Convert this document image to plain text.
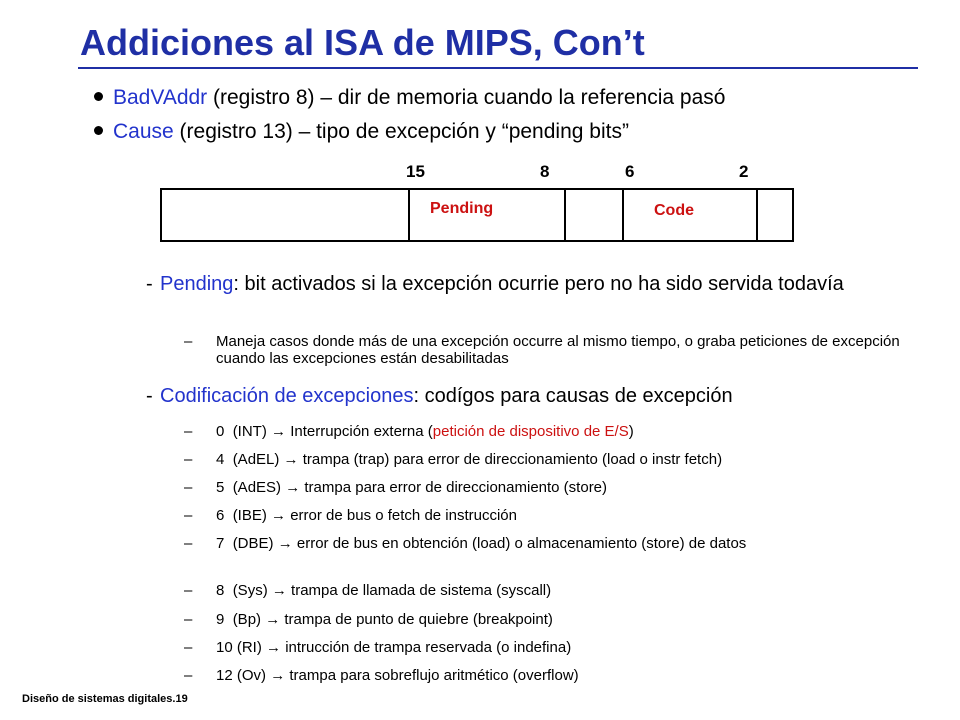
Addiciones al ISA de MIPS, Con’t
BadVAddr (registro 8) – dir de memoria cuando la referencia pasó
Cause (registro 13) – tipo de excepción y “pending bits”
15	8	6	2
Pending	Code
- Pending: bit activados si la excepción ocurrie pero no ha sido servida todavía
–	Maneja casos donde más de una excepción occurre al mismo tiempo, o graba peticiones de excepción cuando las excepciones están desabilitadas
- Codificación de excepciones: codígos para causas de excepción
–	0 (INT) → Interrupción externa (petición de dispositivo de E/S)
–	4 (AdEL) → trampa (trap) para error de direccionamiento (load o instr fetch)
–	5 (AdES) → trampa para error de direccionamiento (store)
–	6 (IBE) → error de bus o fetch de instrucción
–	7 (DBE) → error de bus en obtención (load) o almacenamiento (store) de datos
–	8 (Sys) → trampa de llamada de sistema (syscall)
–	9 (Bp) → trampa de punto de quiebre (breakpoint)
–	10 (RI) → intrucción de trampa reservada (o indefina)
–	12 (Ov) → trampa para sobreflujo aritmético (overflow)
Diseño de sistemas digitales.19
